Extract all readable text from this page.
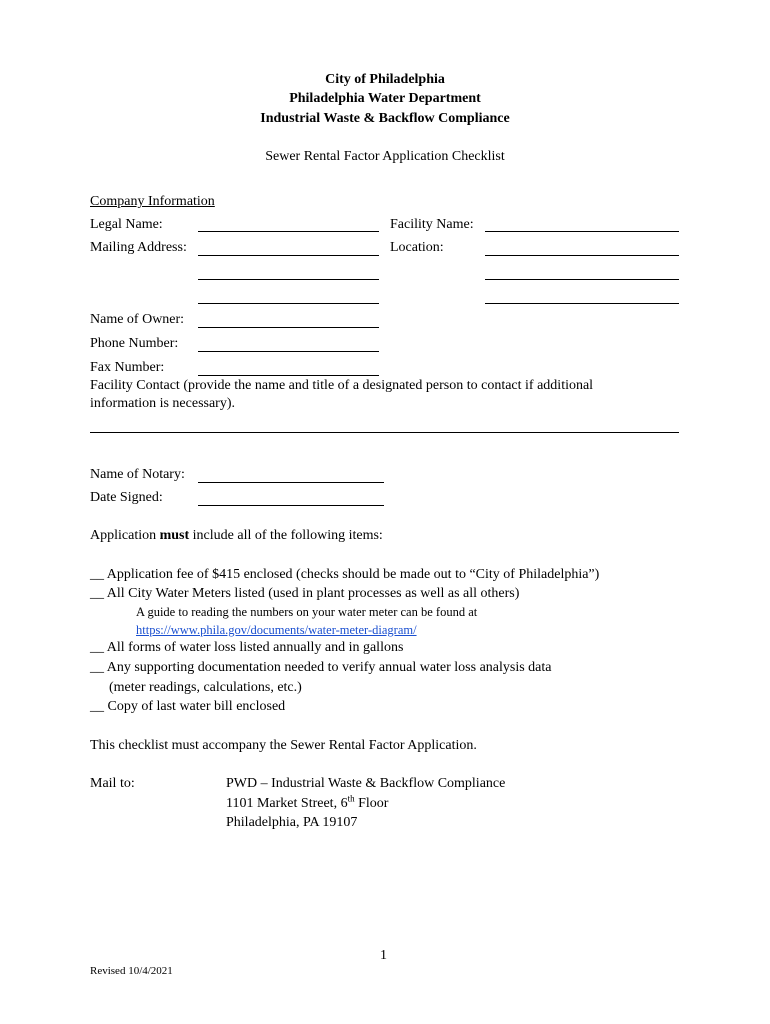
City of Philadelphia
Philadelphia Water Department
Industrial Waste & Backflow Compliance
Sewer Rental Factor Application Checklist
Company Information
Legal Name:	Facility Name:
Mailing Address:	Location:
Name of Owner:
Phone Number:
Fax Number:
Facility Contact (provide the name and title of a designated person to contact if additional
information is necessary).
Name of Notary:
Date Signed:
Application must include all of the following items:
__ Application fee of $415 enclosed (checks should be made out to “City of Philadelphia”)
__ All City Water Meters listed (used in plant processes as well as all others)
A guide to reading the numbers on your water meter can be found at
https://www.phila.gov/documents/water-meter-diagram/
__ All forms of water loss listed annually and in gallons
__ Any supporting documentation needed to verify annual water loss analysis data
(meter readings, calculations, etc.)
__ Copy of last water bill enclosed
This checklist must accompany the Sewer Rental Factor Application.
Mail to:	PWD – Industrial Waste & Backflow Compliance
1101 Market Street, 6th Floor
Philadelphia, PA 19107
1
Revised 10/4/2021
